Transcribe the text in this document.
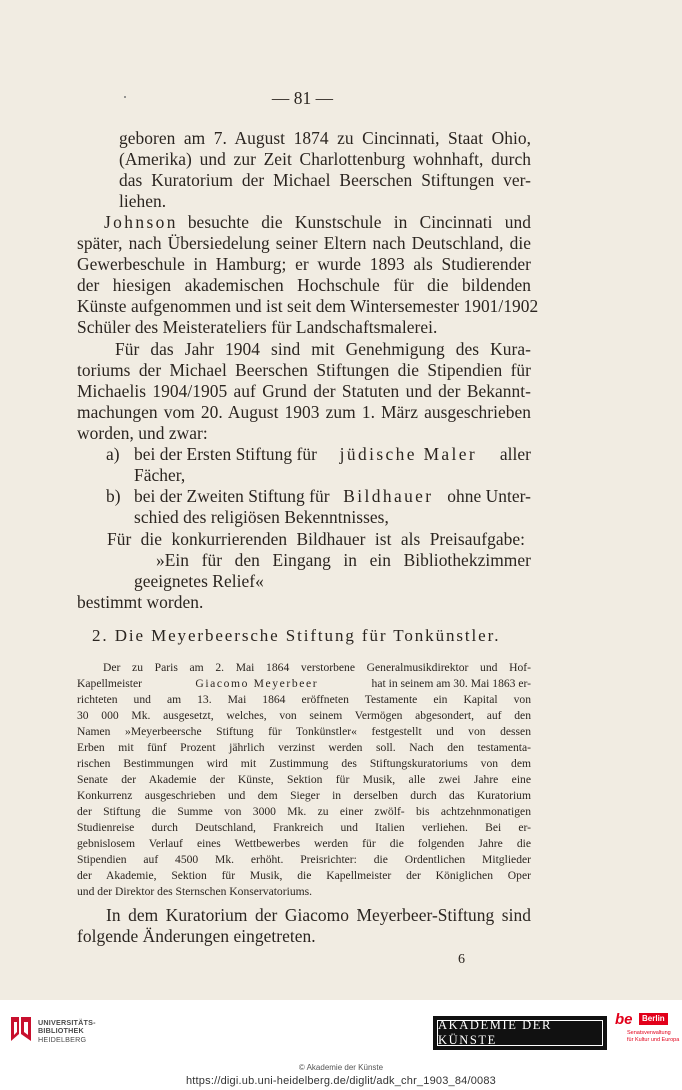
— 81 —
geboren am 7. August 1874 zu Cincinnati, Staat Ohio,
(Amerika) und zur Zeit Charlottenburg wohnhaft, durch
das Kuratorium der Michael Beerschen Stiftungen ver-
liehen.
Johnson besuchte die Kunstschule in Cincinnati und
später, nach Übersiedelung seiner Eltern nach Deutschland, die
Gewerbeschule in Hamburg; er wurde 1893 als Studierender
der hiesigen akademischen Hochschule für die bildenden
Künste aufgenommen und ist seit dem Wintersemester 1901/1902
Schüler des Meisterateliers für Landschaftsmalerei.
Für das Jahr 1904 sind mit Genehmigung des Kura-
toriums der Michael Beerschen Stiftungen die Stipendien für
Michaelis 1904/1905 auf Grund der Statuten und der Bekannt-
machungen vom 20. August 1903 zum 1. März ausgeschrieben
worden, und zwar:
a) bei der Ersten Stiftung für jüdische Maler aller
Fächer,
b) bei der Zweiten Stiftung für Bildhauer ohne Unter-
schied des religiösen Bekenntnisses,
Für die konkurrierenden Bildhauer ist als Preisaufgabe:
»Ein für den Eingang in ein Bibliothekzimmer
geeignetes Relief«
bestimmt worden.
2. Die Meyerbeersche Stiftung für Tonkünstler.
Der zu Paris am 2. Mai 1864 verstorbene Generalmusikdirektor und Hof-
Kapellmeister	Giacomo Meyerbeer	hat in seinem am 30. Mai 1863 er-
richteten und am 13. Mai 1864 eröffneten Testamente ein Kapital von
30 000 Mk. ausgesetzt, welches, von seinem Vermögen abgesondert, auf den
Namen »Meyerbeersche Stiftung für Tonkünstler« festgestellt und von dessen
Erben mit fünf Prozent jährlich verzinst werden soll. Nach den testamenta-
rischen Bestimmungen wird mit Zustimmung des Stiftungskuratoriums von dem
Senate der Akademie der Künste, Sektion für Musik, alle zwei Jahre eine
Konkurrenz ausgeschrieben und dem Sieger in derselben durch das Kuratorium
der Stiftung die Summe von 3000 Mk. zu einer zwölf- bis achtzehnmonatigen
Studienreise durch Deutschland, Frankreich und Italien verliehen. Bei er-
gebnislosem Verlauf eines Wettbewerbes werden für die folgenden Jahre die
Stipendien auf 4500 Mk. erhöht. Preisrichter: die Ordentlichen Mitglieder
der Akademie, Sektion für Musik, die Kapellmeister der Königlichen Oper
und der Direktor des Sternschen Konservatoriums.
In dem Kuratorium der Giacomo Meyerbeer-Stiftung sind
folgende Änderungen eingetreten.
6
UNIVERSITÄTS-
BIBLIOTHEK
HEIDELBERG
AKADEMIE DER KÜNSTE
be	Berlin
Senatsverwaltung
für Kultur und Europa
© Akademie der Künste
https://digi.ub.uni-heidelberg.de/diglit/adk_chr_1903_84/0083
